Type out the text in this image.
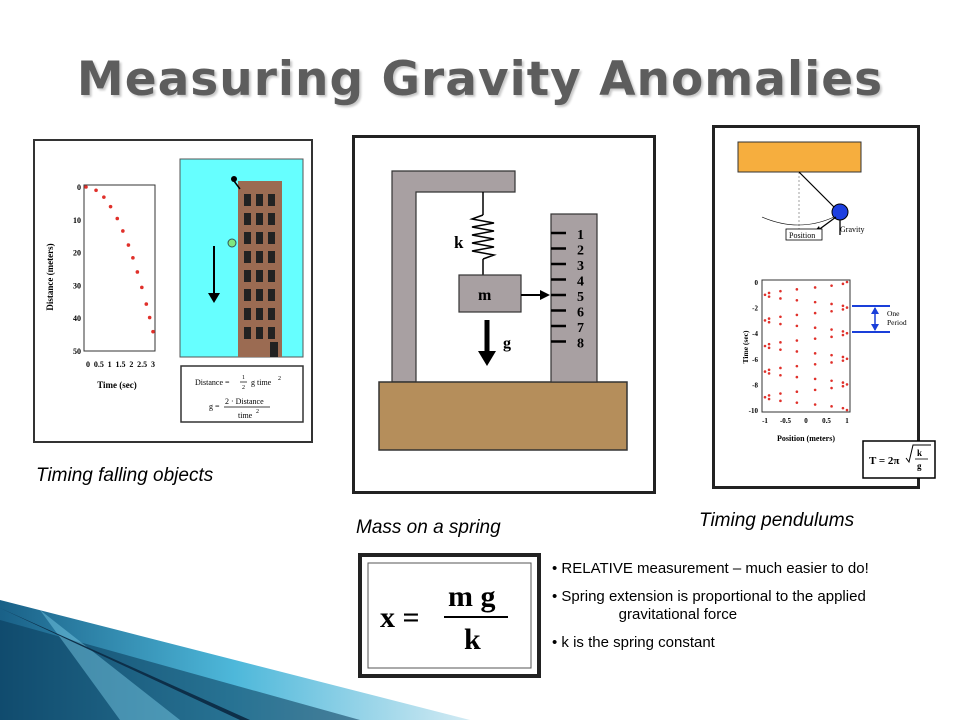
Measuring Gravity Anomalies
Distance (meters)
Time (sec)
0
10
20
30
40
50
0 0.5 1 1.5 2 2.5 3
Distance = 1
2
g time 2
g =
2 · Distance
time 2
Timing falling objects
k
m
g
1
2
3
4
5
6
7
8
Mass on a spring
Position
Gravity
Time (sec)
Position (meters)
0
-2
-4
-6
-8
-10
-1 -0.5 0 0.5 1
One Period
T = 2π
k
g
Timing pendulums
x =
m g
k

• RELATIVE measurement – much easier to do!

• Spring extension is proportional to the applied
gravitational force

• k is the spring constant
